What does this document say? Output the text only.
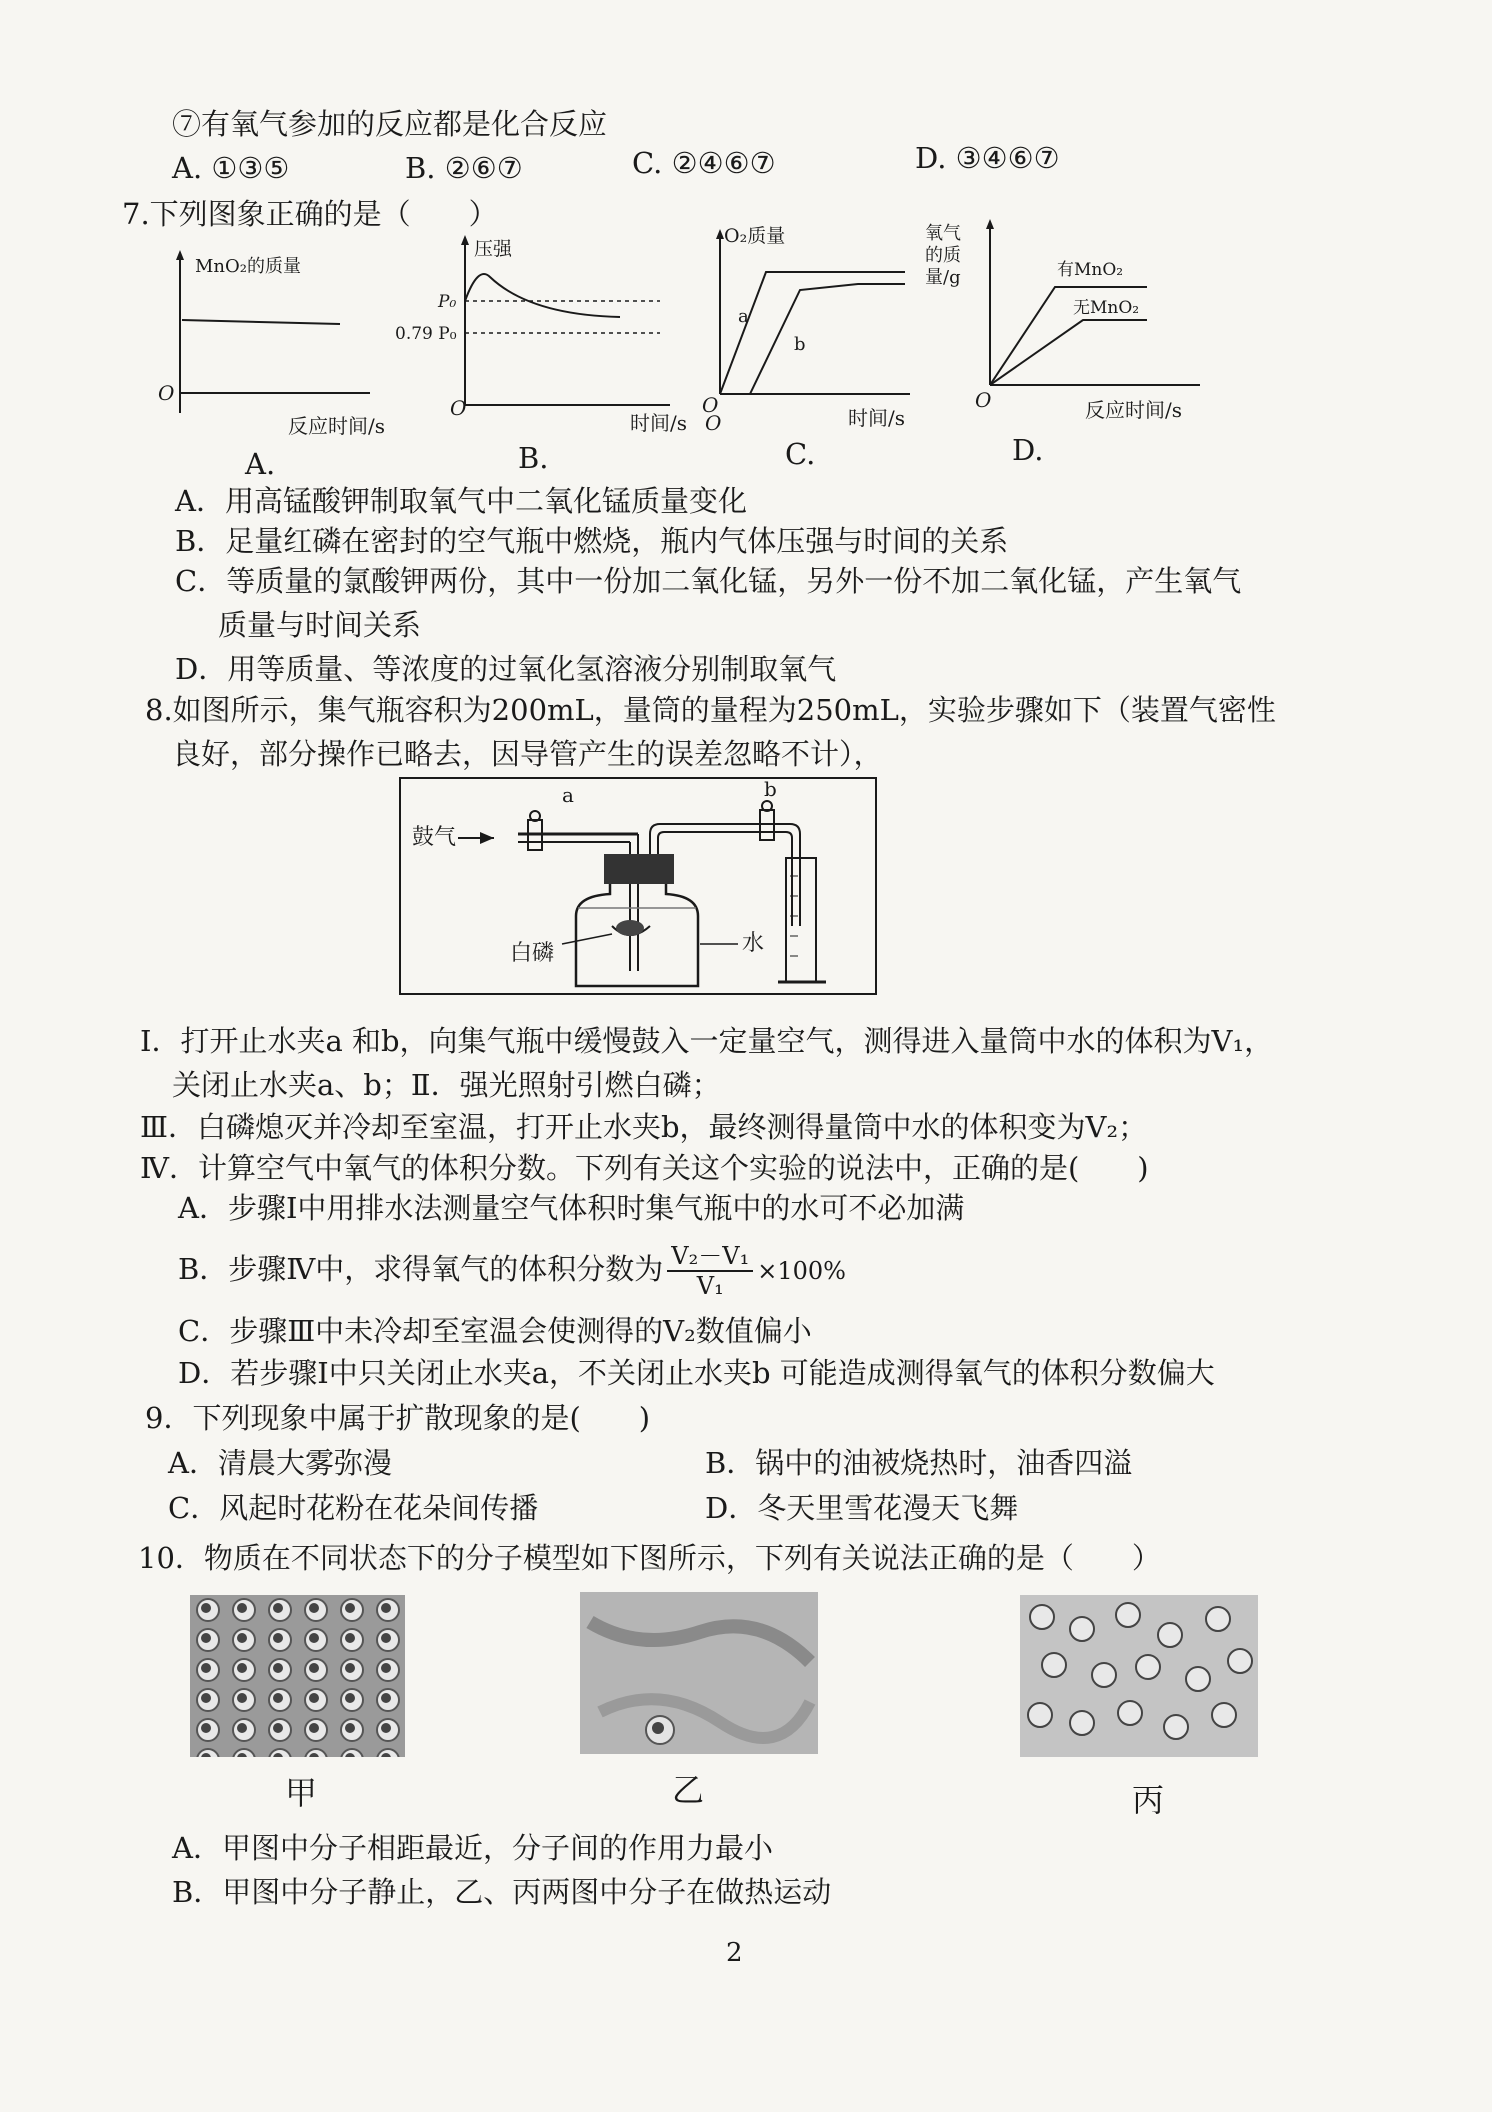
⑦有氧气参加的反应都是化合反应
A. ①③⑤	B. ②⑥⑦	C. ②④⑥⑦	D. ③④⑥⑦
7.下列图象正确的是（　　）
MnO₂的质量
O
反应时间/s
A.
压强
P₀
0.79 P₀
O
时间/s
B.
O₂质量
a
b
O
O	时间/s
C.
氧气
的质
量/g	有MnO₂
无MnO₂
O	反应时间/s
D.
A．用高锰酸钾制取氧气中二氧化锰质量变化
B．足量红磷在密封的空气瓶中燃烧，瓶内气体压强与时间的关系
C．等质量的氯酸钾两份，其中一份加二氧化锰，另外一份不加二氧化锰，产生氧气
质量与时间关系
D．用等质量、等浓度的过氧化氢溶液分别制取氧气
8.如图所示，集气瓶容积为200mL，量筒的量程为250mL，实验步骤如下（装置气密性
良好，部分操作已略去，因导管产生的误差忽略不计），
a	b
鼓气
白磷	水
Ⅰ．打开止水夹a 和b，向集气瓶中缓慢鼓入一定量空气，测得进入量筒中水的体积为V₁，
关闭止水夹a、b；Ⅱ．强光照射引燃白磷；
Ⅲ．白磷熄灭并冷却至室温，打开止水夹b，最终测得量筒中水的体积变为V₂；
Ⅳ．计算空气中氧气的体积分数。下列有关这个实验的说法中，正确的是(　　)
A．步骤Ⅰ中用排水法测量空气体积时集气瓶中的水可不必加满
B．步骤Ⅳ中，求得氧气的体积分数为 $\frac{\text{V₂－V₁}}{\text{V₁}} \times 100\%$
C．步骤Ⅲ中未冷却至室温会使测得的V₂数值偏小
D．若步骤Ⅰ中只关闭止水夹a，不关闭止水夹b 可能造成测得氧气的体积分数偏大
9．下列现象中属于扩散现象的是(　　)
A．清晨大雾弥漫	B．锅中的油被烧热时，油香四溢
C．风起时花粉在花朵间传播	D．冬天里雪花漫天飞舞
10．物质在不同状态下的分子模型如下图所示，下列有关说法正确的是（　　）
甲	乙	丙
A．甲图中分子相距最近，分子间的作用力最小
B．甲图中分子静止，乙、丙两图中分子在做热运动
2
